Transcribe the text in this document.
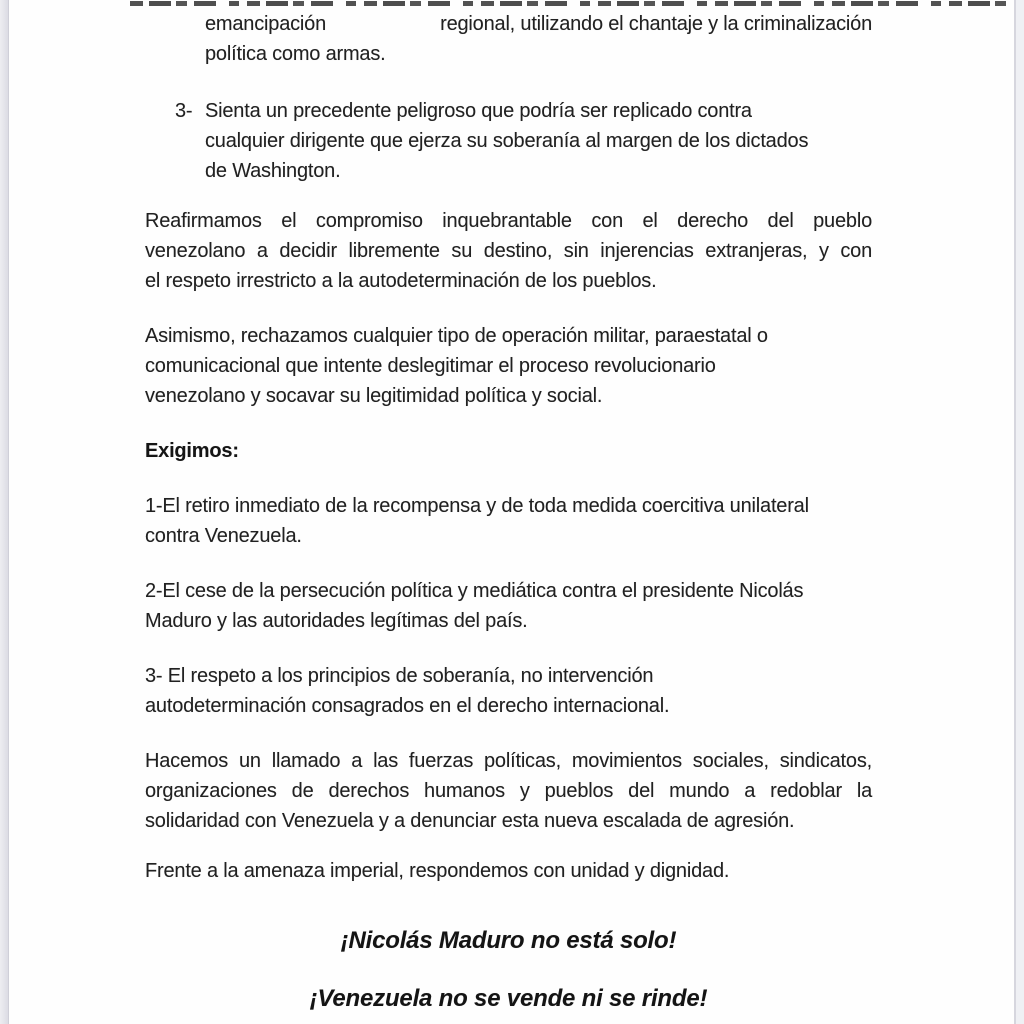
emancipación	regional, utilizando el chantaje y la criminalización
política como armas.
3- Sienta un precedente peligroso que podría ser replicado contra
cualquier dirigente que ejerza su soberanía al margen de los dictados
de Washington.
Reafirmamos el compromiso inquebrantable con el derecho del pueblo
venezolano a decidir libremente su destino, sin injerencias extranjeras, y con
el respeto irrestricto a la autodeterminación de los pueblos.
Asimismo, rechazamos cualquier tipo de operación militar, paraestatal o
comunicacional que intente deslegitimar el proceso revolucionario
venezolano y socavar su legitimidad política y social.
Exigimos:
1-El retiro inmediato de la recompensa y de toda medida coercitiva unilateral
contra Venezuela.
2-El cese de la persecución política y mediática contra el presidente Nicolás
Maduro y las autoridades legítimas del país.
3- El respeto a los principios de soberanía, no intervención
autodeterminación consagrados en el derecho internacional.
Hacemos un llamado a las fuerzas políticas, movimientos sociales, sindicatos,
organizaciones de derechos humanos y pueblos del mundo a redoblar la
solidaridad con Venezuela y a denunciar esta nueva escalada de agresión.
Frente a la amenaza imperial, respondemos con unidad y dignidad.
¡Nicolás Maduro no está solo!
¡Venezuela no se vende ni se rinde!
